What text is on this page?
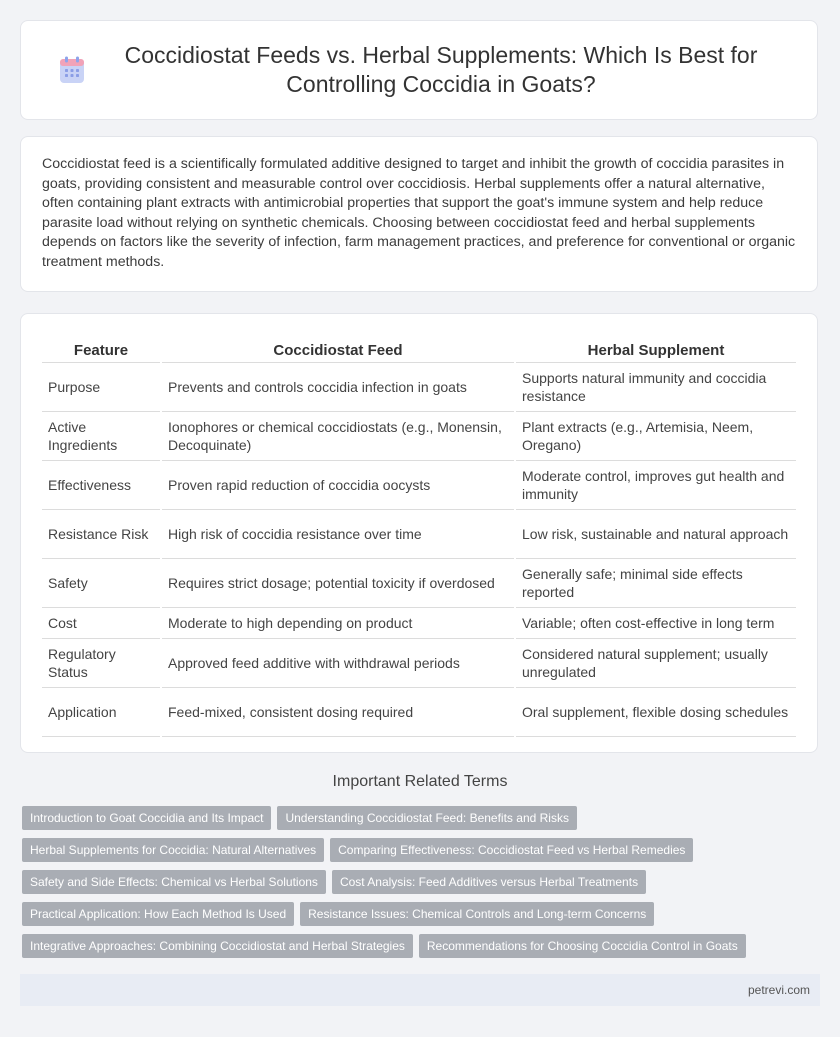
Coccidiostat Feeds vs. Herbal Supplements: Which Is Best for Controlling Coccidia in Goats?

Coccidiostat feed is a scientifically formulated additive designed to target and inhibit the growth of coccidia parasites in goats, providing consistent and measurable control over coccidiosis. Herbal supplements offer a natural alternative, often containing plant extracts with antimicrobial properties that support the goat's immune system and help reduce parasite load without relying on synthetic chemicals. Choosing between coccidiostat feed and herbal supplements depends on factors like the severity of infection, farm management practices, and preference for conventional or organic treatment methods.

Feature	Coccidiostat Feed	Herbal Supplement
Purpose	Prevents and controls coccidia infection in goats	Supports natural immunity and coccidia resistance
Active Ingredients	Ionophores or chemical coccidiostats (e.g., Monensin, Decoquinate)	Plant extracts (e.g., Artemisia, Neem, Oregano)
Effectiveness	Proven rapid reduction of coccidia oocysts	Moderate control, improves gut health and immunity
Resistance Risk	High risk of coccidia resistance over time	Low risk, sustainable and natural approach
Safety	Requires strict dosage; potential toxicity if overdosed	Generally safe; minimal side effects reported
Cost	Moderate to high depending on product	Variable; often cost-effective in long term
Regulatory Status	Approved feed additive with withdrawal periods	Considered natural supplement; usually unregulated
Application	Feed-mixed, consistent dosing required	Oral supplement, flexible dosing schedules
Important Related Terms
Introduction to Goat Coccidia and Its Impact	Understanding Coccidiostat Feed: Benefits and Risks
Herbal Supplements for Coccidia: Natural Alternatives	Comparing Effectiveness: Coccidiostat Feed vs Herbal Remedies
Safety and Side Effects: Chemical vs Herbal Solutions	Cost Analysis: Feed Additives versus Herbal Treatments
Practical Application: How Each Method Is Used	Resistance Issues: Chemical Controls and Long-term Concerns
Integrative Approaches: Combining Coccidiostat and Herbal Strategies	Recommendations for Choosing Coccidia Control in Goats
petrevi.com
